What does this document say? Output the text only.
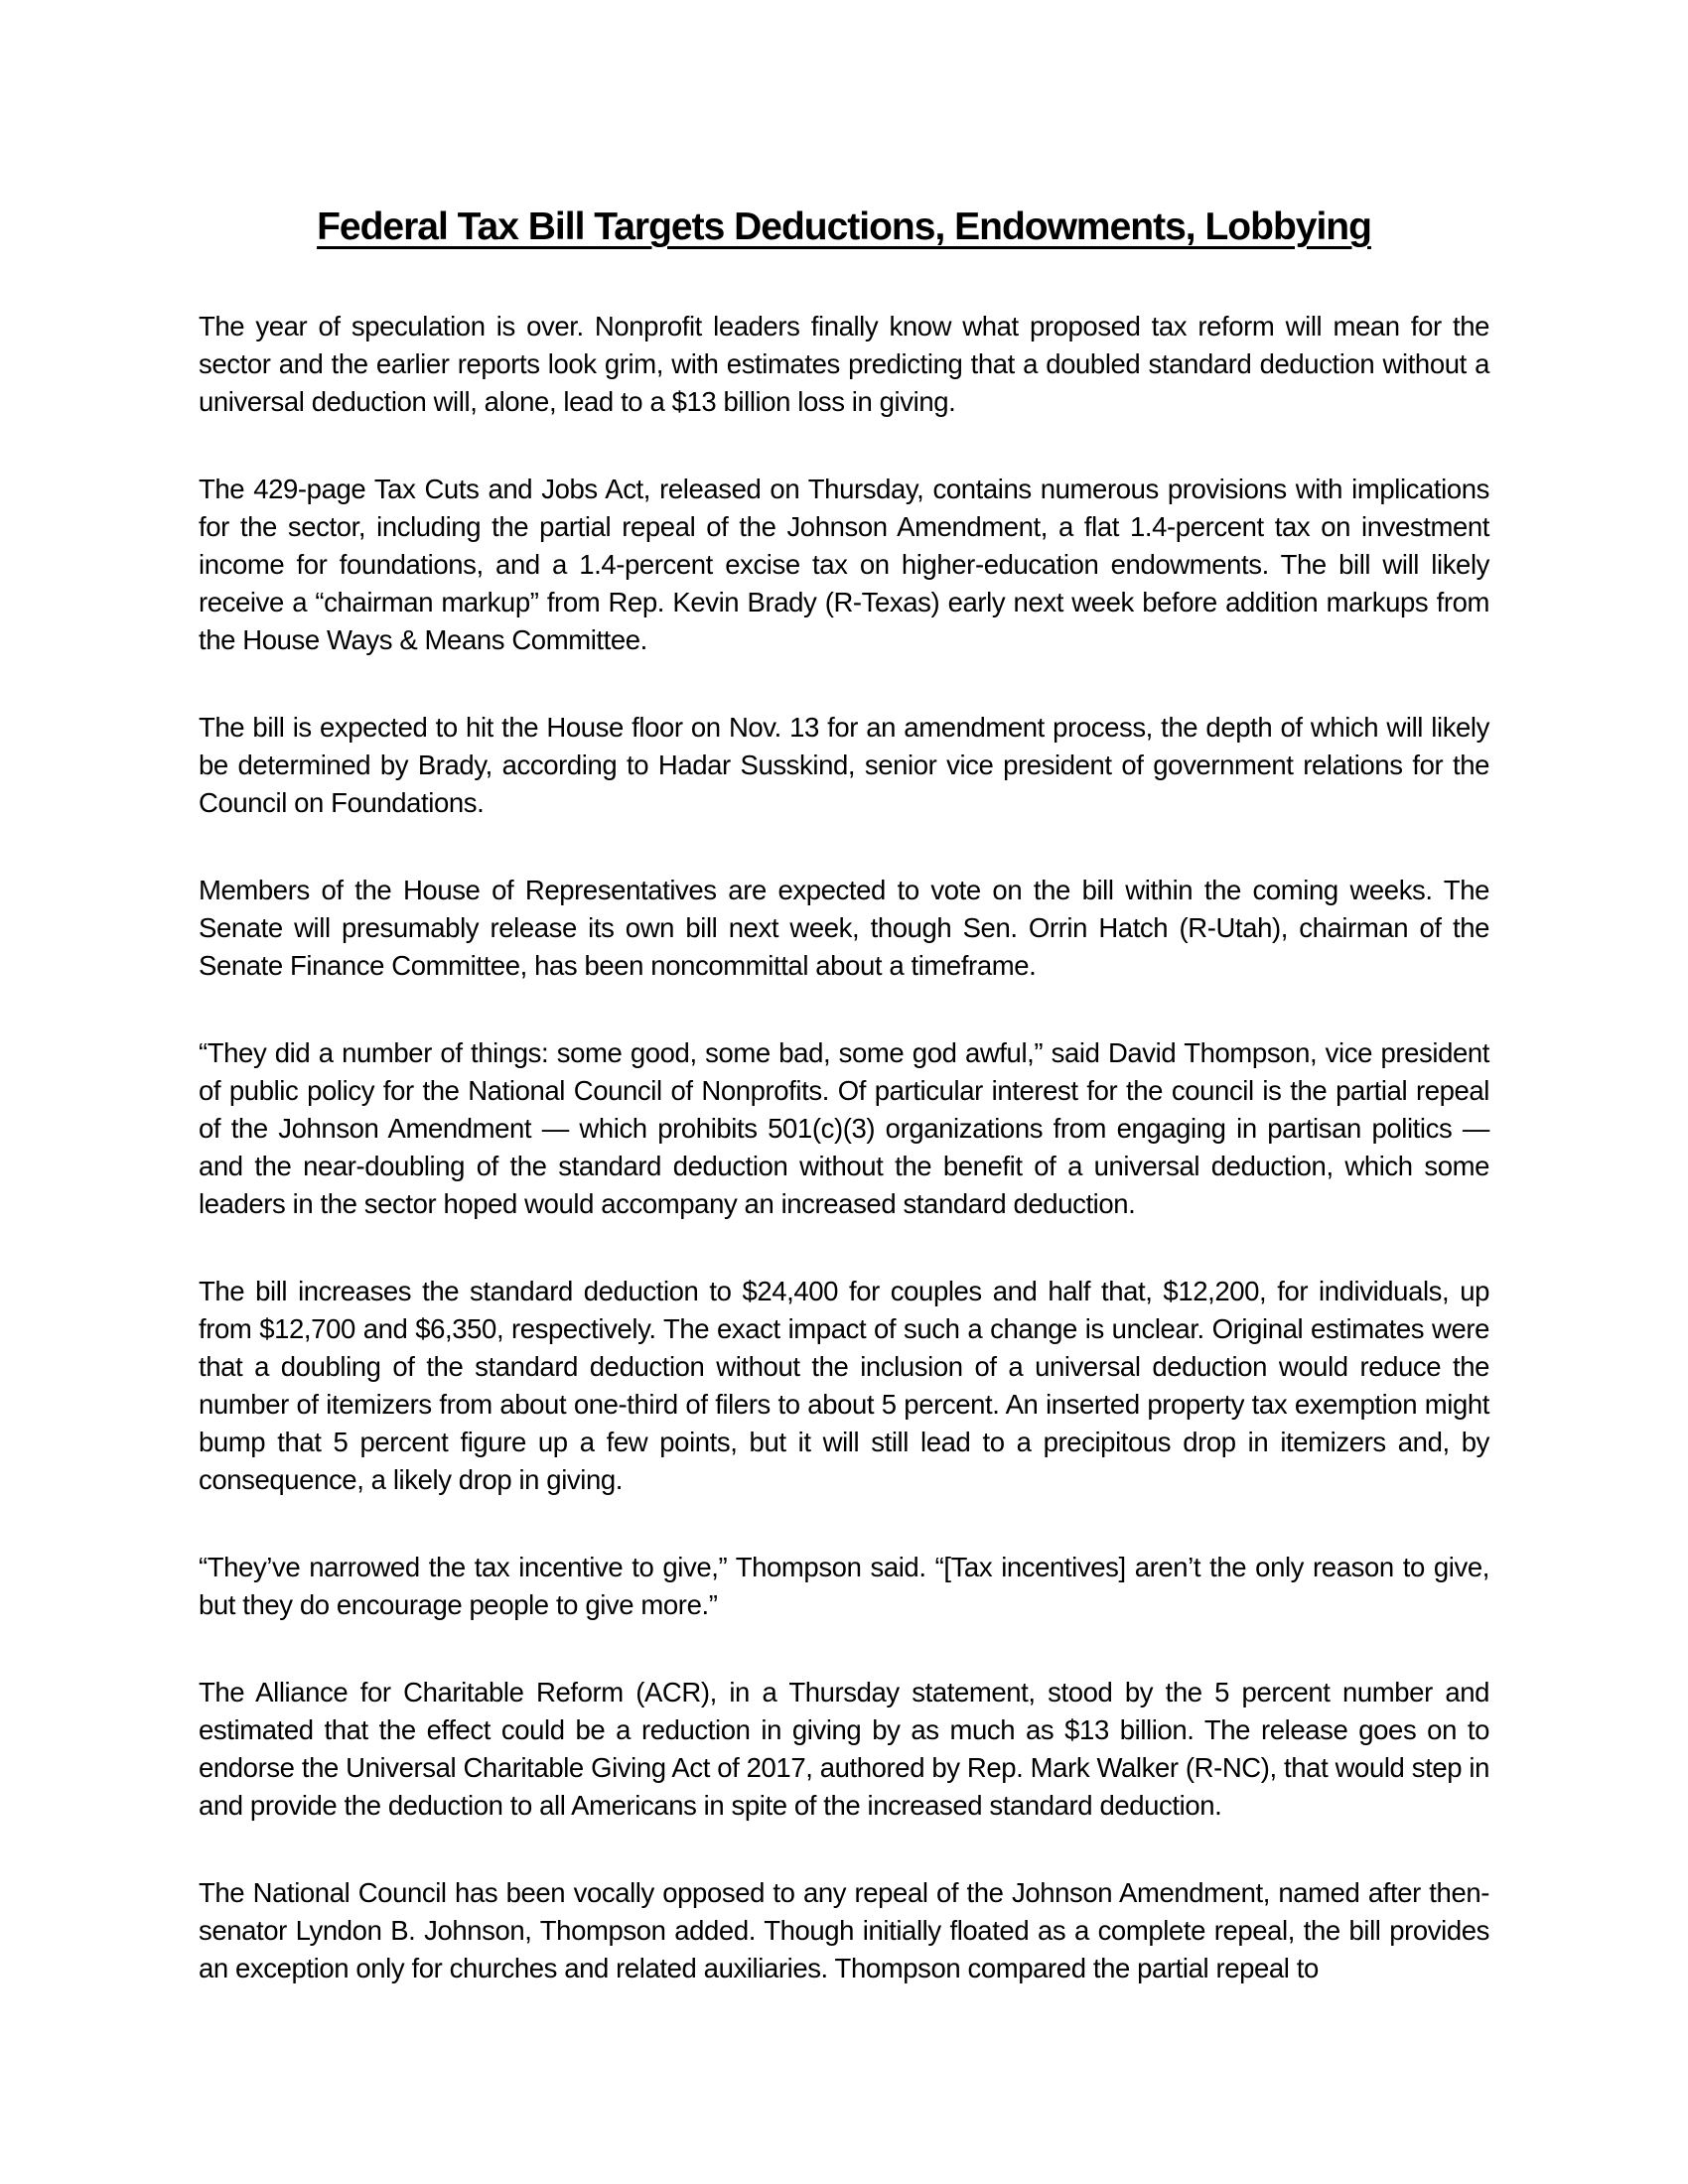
Federal Tax Bill Targets Deductions, Endowments, Lobbying

The year of speculation is over. Nonprofit leaders finally know what proposed tax reform will mean for the sector and the earlier reports look grim, with estimates predicting that a doubled standard deduction without a universal deduction will, alone, lead to a $13 billion loss in giving.

The 429-page Tax Cuts and Jobs Act, released on Thursday, contains numerous provisions with implications for the sector, including the partial repeal of the Johnson Amendment, a flat 1.4-percent tax on investment income for foundations, and a 1.4-percent excise tax on higher-education endowments. The bill will likely receive a “chairman markup” from Rep. Kevin Brady (R-Texas) early next week before addition markups from the House Ways & Means Committee.

The bill is expected to hit the House floor on Nov. 13 for an amendment process, the depth of which will likely be determined by Brady, according to Hadar Susskind, senior vice president of government relations for the Council on Foundations.

Members of the House of Representatives are expected to vote on the bill within the coming weeks. The Senate will presumably release its own bill next week, though Sen. Orrin Hatch (R-Utah), chairman of the Senate Finance Committee, has been noncommittal about a timeframe.

“They did a number of things: some good, some bad, some god awful,” said David Thompson, vice president of public policy for the National Council of Nonprofits. Of particular interest for the council is the partial repeal of the Johnson Amendment — which prohibits 501(c)(3) organizations from engaging in partisan politics — and the near-doubling of the standard deduction without the benefit of a universal deduction, which some leaders in the sector hoped would accompany an increased standard deduction.

The bill increases the standard deduction to $24,400 for couples and half that, $12,200, for individuals, up from $12,700 and $6,350, respectively. The exact impact of such a change is unclear. Original estimates were that a doubling of the standard deduction without the inclusion of a universal deduction would reduce the number of itemizers from about one-third of filers to about 5 percent. An inserted property tax exemption might bump that 5 percent figure up a few points, but it will still lead to a precipitous drop in itemizers and, by consequence, a likely drop in giving.

“They’ve narrowed the tax incentive to give,” Thompson said. “[Tax incentives] aren’t the only reason to give, but they do encourage people to give more.”

The Alliance for Charitable Reform (ACR), in a Thursday statement, stood by the 5 percent number and estimated that the effect could be a reduction in giving by as much as $13 billion. The release goes on to endorse the Universal Charitable Giving Act of 2017, authored by Rep. Mark Walker (R-NC), that would step in and provide the deduction to all Americans in spite of the increased standard deduction.

The National Council has been vocally opposed to any repeal of the Johnson Amendment, named after then-senator Lyndon B. Johnson, Thompson added. Though initially floated as a complete repeal, the bill provides an exception only for churches and related auxiliaries. Thompson compared the partial repeal to
